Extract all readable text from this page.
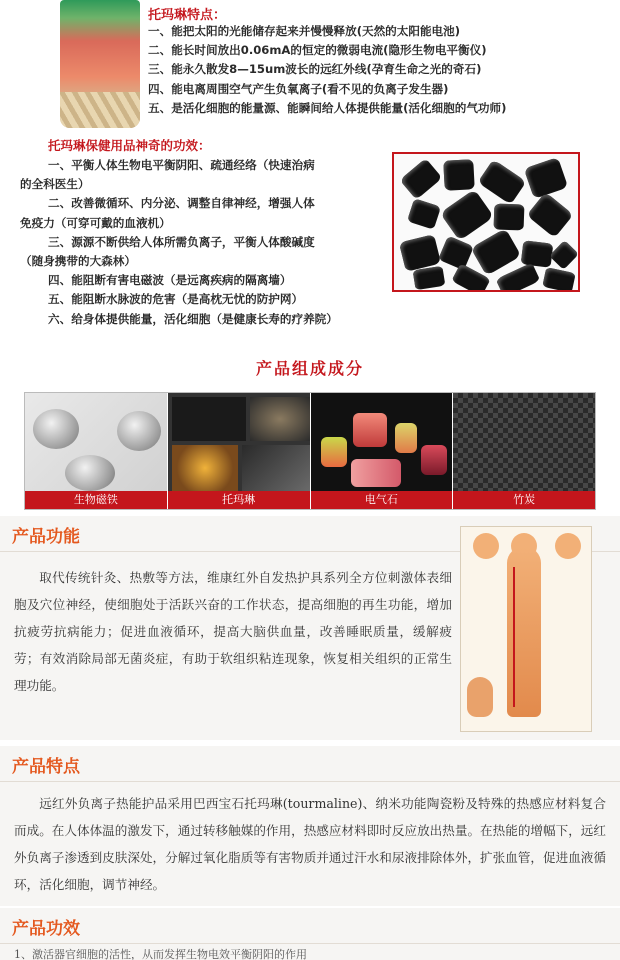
托玛琳特点：
一、能把太阳的光能储存起来并慢慢释放(天然的太阳能电池)
二、能长时间放出0.06mA的恒定的微弱电流(隐形生物电平衡仪)
三、能永久散发8—15um波长的远红外线(孕育生命之光的奇石)
四、能电离周围空气产生负氧离子(看不见的负离子发生器)
五、是活化细胞的能量源、能瞬间给人体提供能量(活化细胞的气功师)
托玛琳保健用品神奇的功效：
一、平衡人体生物电平衡阴阳、疏通经络（快速治病
的全科医生）
二、改善微循环、内分泌、调整自律神经，增强人体
免疫力（可穿可戴的血液机）
三、源源不断供给人体所需负离子，平衡人体酸碱度
（随身携带的大森林）
四、能阻断有害电磁波（是远离疾病的隔离墙）
五、能阻断水脉波的危害（是高枕无忧的防护网）
六、给身体提供能量，活化细胞（是健康长寿的疗养院）
产品组成成分
生物磁铁	托玛琳	电气石	竹炭
产品功能

取代传统针灸、热敷等方法，维康红外自发热护具系列全方位刺激体表细胞及穴位神经，使细胞处于活跃兴奋的工作状态，提高细胞的再生功能，增加抗疲劳抗病能力；促进血液循环，提高大脑供血量，改善睡眠质量，缓解疲劳；有效消除局部无菌炎症，有助于软组织粘连现象，恢复相关组织的正常生理功能。

产品特点

远红外负离子热能护品采用巴西宝石托玛琳(tourmaline)、纳米功能陶瓷粉及特殊的热感应材料复合而成。在人体体温的激发下，通过转移触媒的作用，热感应材料即时反应放出热量。在热能的增幅下，远红外负离子渗透到皮肤深处，分解过氧化脂质等有害物质并通过汗水和尿液排除体外，扩张血管，促进血液循环，活化细胞，调节神经。

产品功效

1、激活器官细胞的活性，从而发挥生物电效平衡阴阳的作用
